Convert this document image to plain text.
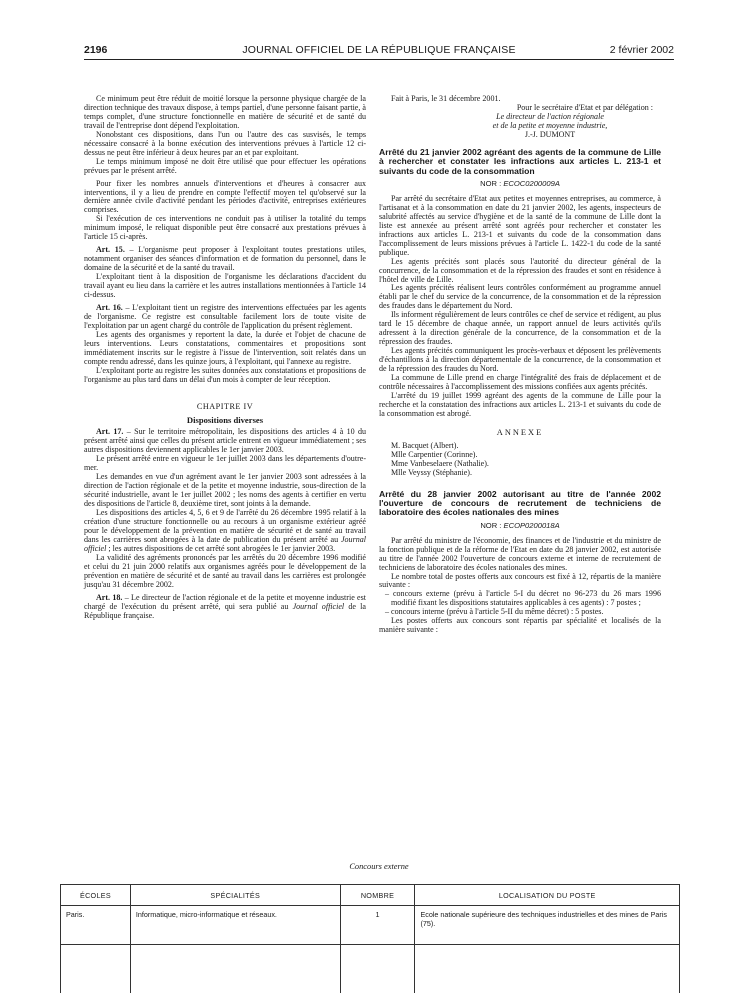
2196	JOURNAL OFFICIEL DE LA RÉPUBLIQUE FRANÇAISE	2 février 2002

Ce minimum peut être réduit de moitié lorsque la personne physique chargée de la direction technique des travaux dispose, à temps partiel, d'une personne faisant partie, à temps complet, d'une structure fonctionnelle en matière de sécurité et de santé du travail de l'entreprise dont dépend l'exploitation.

Nonobstant ces dispositions, dans l'un ou l'autre des cas susvisés, le temps nécessaire consacré à la bonne exécution des interventions prévues à l'article 12 ci-dessus ne peut être inférieur à deux heures par an et par exploitant.

Le temps minimum imposé ne doit être utilisé que pour effectuer les opérations prévues par le présent arrêté.

Pour fixer les nombres annuels d'interventions et d'heures à consacrer aux interventions, il y a lieu de prendre en compte l'effectif moyen tel qu'observé sur la dernière année civile d'activité pendant les périodes d'activité, entreprises extérieures comprises.

Si l'exécution de ces interventions ne conduit pas à utiliser la totalité du temps minimum imposé, le reliquat disponible peut être consacré aux prestations prévues à l'article 15 ci-après.

Art. 15. – L'organisme peut proposer à l'exploitant toutes prestations utiles, notamment organiser des séances d'information et de formation du personnel, dans le domaine de la sécurité et de la santé du travail.

L'exploitant tient à la disposition de l'organisme les déclarations d'accident du travail ayant eu lieu dans la carrière et les autres installations mentionnées à l'article 14 ci-dessus.

Art. 16. – L'exploitant tient un registre des interventions effectuées par les agents de l'organisme. Ce registre est consultable facilement lors de toute visite de l'exploitation par un agent chargé du contrôle de l'application du présent règlement.

Les agents des organismes y reportent la date, la durée et l'objet de chacune de leurs interventions. Leurs constatations, commentaires et propositions sont immédiatement inscrits sur le registre à l'issue de l'intervention, soit relatés dans un compte rendu adressé, dans les quinze jours, à l'exploitant, qui l'annexe au registre.

L'exploitant porte au registre les suites données aux constatations et propositions de l'organisme au plus tard dans un délai d'un mois à compter de leur réception.

CHAPITRE IV
Dispositions diverses

Art. 17. – Sur le territoire métropolitain, les dispositions des articles 4 à 10 du présent arrêté ainsi que celles du présent article entrent en vigueur immédiatement ; ses autres dispositions deviennent applicables le 1er janvier 2003.

Le présent arrêté entre en vigueur le 1er juillet 2003 dans les départements d'outre-mer.

Les demandes en vue d'un agrément avant le 1er janvier 2003 sont adressées à la direction de l'action régionale et de la petite et moyenne industrie, sous-direction de la sécurité industrielle, avant le 1er juillet 2002 ; les noms des agents à certifier en vertu des dispositions de l'article 8, deuxième tiret, sont joints à la demande.

Les dispositions des articles 4, 5, 6 et 9 de l'arrêté du 26 décembre 1995 relatif à la création d'une structure fonctionnelle ou au recours à un organisme extérieur agréé pour le développement de la prévention en matière de sécurité et de santé au travail dans les carrières sont abrogées à la date de publication du présent arrêté au Journal officiel ; les autres dispositions de cet arrêté sont abrogées le 1er janvier 2003.

La validité des agréments prononcés par les arrêtés du 20 décembre 1996 modifié et celui du 21 juin 2000 relatifs aux organismes agréés pour le développement de la prévention en matière de sécurité et de santé au travail dans les carrières est prolongée jusqu'au 31 décembre 2002.

Art. 18. – Le directeur de l'action régionale et de la petite et moyenne industrie est chargé de l'exécution du présent arrêté, qui sera publié au Journal officiel de la République française.

Fait à Paris, le 31 décembre 2001.

Pour le secrétaire d'Etat et par délégation :

Le directeur de l'action régionale

et de la petite et moyenne industrie,

J.-J. DUMONT

Arrêté du 21 janvier 2002 agréant des agents de la commune de Lille à rechercher et constater les infractions aux articles L. 213-1 et suivants du code de la consommation
NOR : ECOC0200009A

Par arrêté du secrétaire d'Etat aux petites et moyennes entreprises, au commerce, à l'artisanat et à la consommation en date du 21 janvier 2002, les agents, inspecteurs de salubrité affectés au service d'hygiène et de la santé de la commune de Lille dont la liste est annexée au présent arrêté sont agréés pour rechercher et constater les infractions aux articles L. 213-1 et suivants du code de la consommation dans l'accomplissement de leurs missions prévues à l'article L. 1422-1 du code de la santé publique.

Les agents précités sont placés sous l'autorité du directeur général de la concurrence, de la consommation et de la répression des fraudes et sont en résidence à l'hôtel de ville de Lille.

Les agents précités réalisent leurs contrôles conformément au programme annuel établi par le chef du service de la concurrence, de la consommation et de la répression des fraudes dans le département du Nord.

Ils informent régulièrement de leurs contrôles ce chef de service et rédigent, au plus tard le 15 décembre de chaque année, un rapport annuel de leurs activités qu'ils adressent à la direction générale de la concurrence, de la consommation et de la répression des fraudes.

Les agents précités communiquent les procès-verbaux et déposent les prélèvements d'échantillons à la direction départementale de la concurrence, de la consommation et de la répression des fraudes du Nord.

La commune de Lille prend en charge l'intégralité des frais de déplacement et de contrôle nécessaires à l'accomplissement des missions confiées aux agents précités.

L'arrêté du 19 juillet 1999 agréant des agents de la commune de Lille pour la recherche et la constatation des infractions aux articles L. 213-1 et suivants du code de la consommation est abrogé.

ANNEXE

M. Bacquet (Albert).

Mlle Carpentier (Corinne).

Mme Vanbeselaere (Nathalie).

Mlle Veyssy (Stéphanie).

Arrêté du 28 janvier 2002 autorisant au titre de l'année 2002 l'ouverture de concours de recrutement de techniciens de laboratoire des écoles nationales des mines
NOR : ECOP0200018A

Par arrêté du ministre de l'économie, des finances et de l'industrie et du ministre de la fonction publique et de la réforme de l'Etat en date du 28 janvier 2002, est autorisée au titre de l'année 2002 l'ouverture de concours externe et interne de recrutement de techniciens de laboratoire des écoles nationales des mines.

Le nombre total de postes offerts aux concours est fixé à 12, répartis de la manière suivante :

– concours externe (prévu à l'article 5-I du décret no 96-273 du 26 mars 1996 modifié fixant les dispositions statutaires applicables à ces agents) : 7 postes ;
– concours interne (prévu à l'article 5-II du même décret) : 5 postes.

Les postes offerts aux concours sont répartis par spécialité et localisés de la manière suivante :

Concours externe
ÉCOLES	SPÉCIALITÉS	NOMBRE	LOCALISATION DU POSTE
Paris.	Informatique, micro-informatique et réseaux.	1	Ecole nationale supérieure des techniques industrielles et des mines de Paris (75).
